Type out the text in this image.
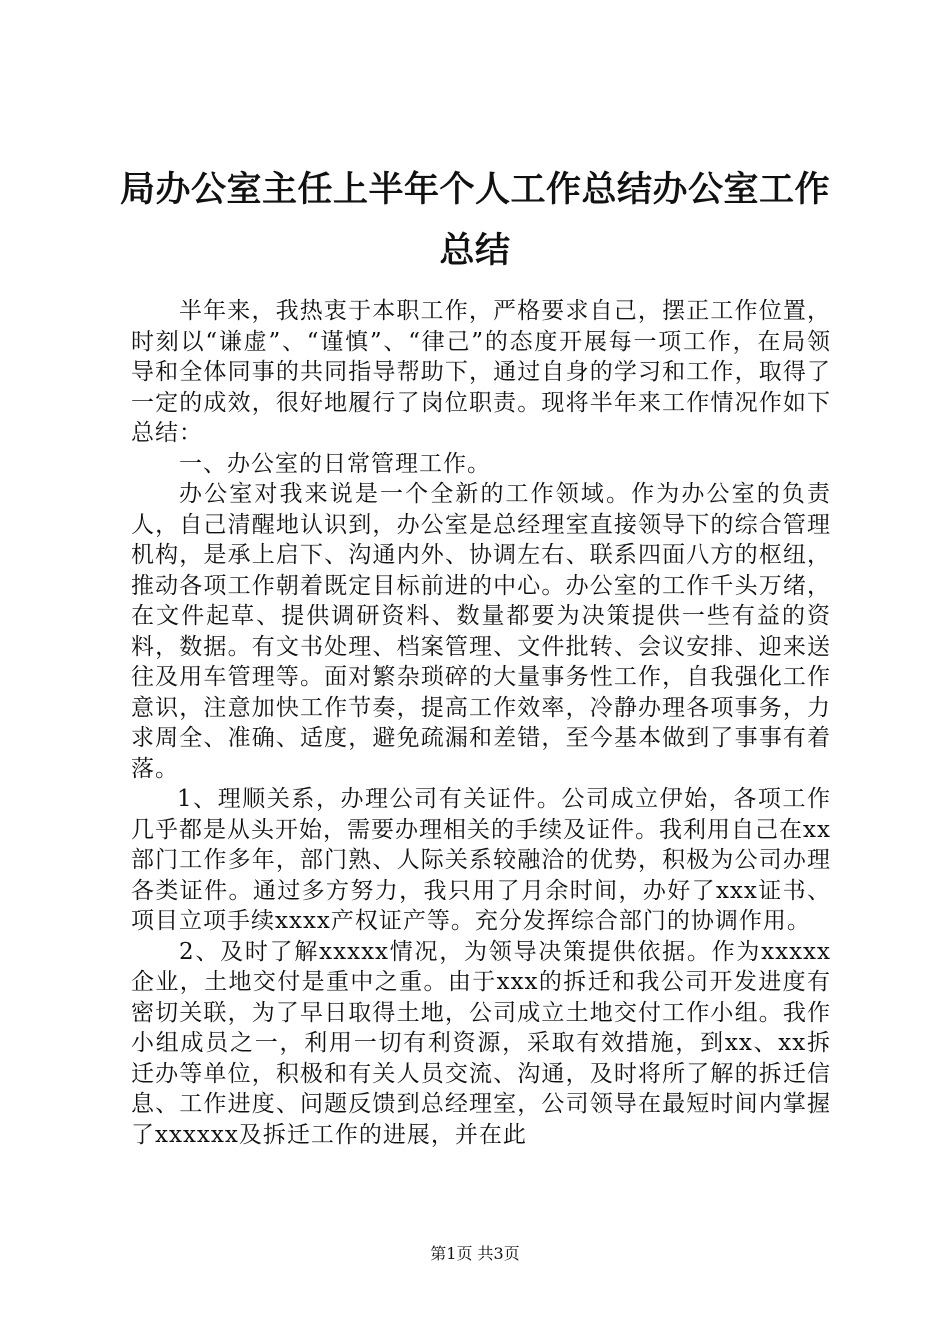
局办公室主任上半年个人工作总结办公室工作
总结

半年来，我热衷于本职工作，严格要求自己，摆正工作位置，时刻以“谦虚”、“谨慎”、“律己”的态度开展每一项工作，在局领导和全体同事的共同指导帮助下，通过自身的学习和工作，取得了一定的成效，很好地履行了岗位职责。现将半年来工作情况作如下总结：

一、办公室的日常管理工作。

办公室对我来说是一个全新的工作领域。作为办公室的负责人，自己清醒地认识到，办公室是总经理室直接领导下的综合管理机构，是承上启下、沟通内外、协调左右、联系四面八方的枢纽，推动各项工作朝着既定目标前进的中心。办公室的工作千头万绪，在文件起草、提供调研资料、数量都要为决策提供一些有益的资料，数据。有文书处理、档案管理、文件批转、会议安排、迎来送往及用车管理等。面对繁杂琐碎的大量事务性工作，自我强化工作意识，注意加快工作节奏，提高工作效率，冷静办理各项事务，力求周全、准确、适度，避免疏漏和差错，至今基本做到了事事有着落。

1、理顺关系，办理公司有关证件。公司成立伊始，各项工作几乎都是从头开始，需要办理相关的手续及证件。我利用自己在xx部门工作多年，部门熟、人际关系较融洽的优势，积极为公司办理各类证件。通过多方努力，我只用了月余时间，办好了xxx证书、项目立项手续xxxx产权证产等。充分发挥综合部门的协调作用。

2、及时了解xxxxx情况，为领导决策提供依据。作为xxxxx企业，土地交付是重中之重。由于xxx的拆迁和我公司开发进度有密切关联，为了早日取得土地，公司成立土地交付工作小组。我作小组成员之一，利用一切有利资源，采取有效措施，到xx、xx拆迁办等单位，积极和有关人员交流、沟通，及时将所了解的拆迁信息、工作进度、问题反馈到总经理室，公司领导在最短时间内掌握了xxxxxx及拆迁工作的进展，并在此

第1页 共3页
